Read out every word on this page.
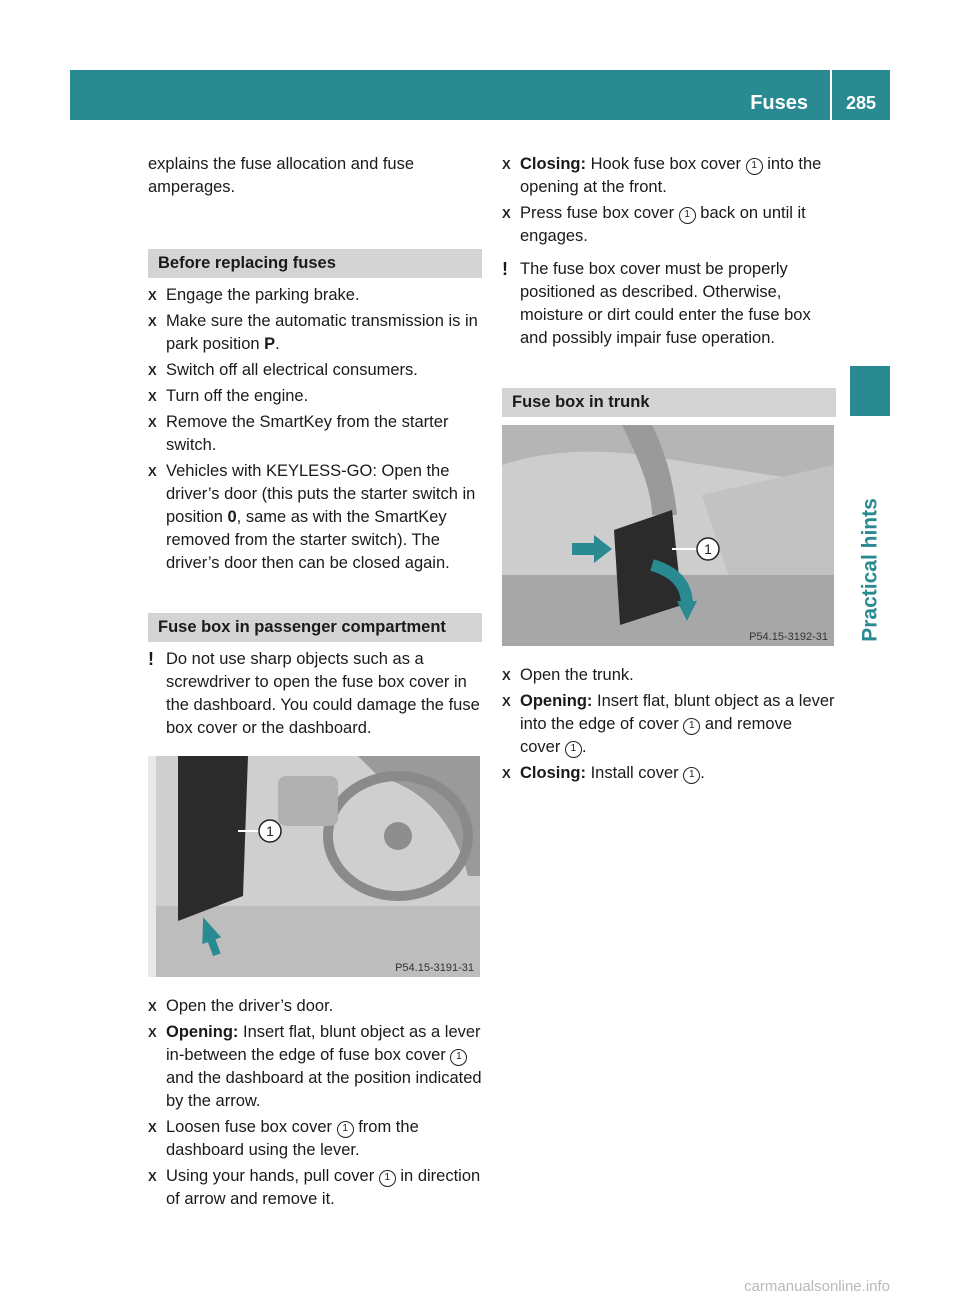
Fuses	285
Practical hints

explains the fuse allocation and fuse amperages.

Before replacing fuses
X Engage the parking brake.
X Make sure the automatic transmission is in park position P.
X Switch off all electrical consumers.
X Turn off the engine.
X Remove the SmartKey from the starter switch.
X Vehicles with KEYLESS-GO: Open the driver’s door (this puts the starter switch in position 0, same as with the SmartKey removed from the starter switch). The driver’s door then can be closed again.
Fuse box in passenger compartment
! Do not use sharp objects such as a screwdriver to open the fuse box cover in the dashboard. You could damage the fuse box cover or the dashboard.
1
P54.15-3191-31
X Open the driver’s door.
X Opening: Insert flat, blunt object as a lever in-between the edge of fuse box cover 1 and the dashboard at the position indicated by the arrow.
X Loosen fuse box cover 1 from the dashboard using the lever.
X Using your hands, pull cover 1 in direction of arrow and remove it.
X Closing: Hook fuse box cover 1 into the opening at the front.
X Press fuse box cover 1 back on until it engages.
! The fuse box cover must be properly positioned as described. Otherwise, moisture or dirt could enter the fuse box and possibly impair fuse operation.
Fuse box in trunk
1
P54.15-3192-31
X Open the trunk.
X Opening: Insert flat, blunt object as a lever into the edge of cover 1 and remove cover 1 .
X Closing: Install cover 1 .
carmanualsonline.info
